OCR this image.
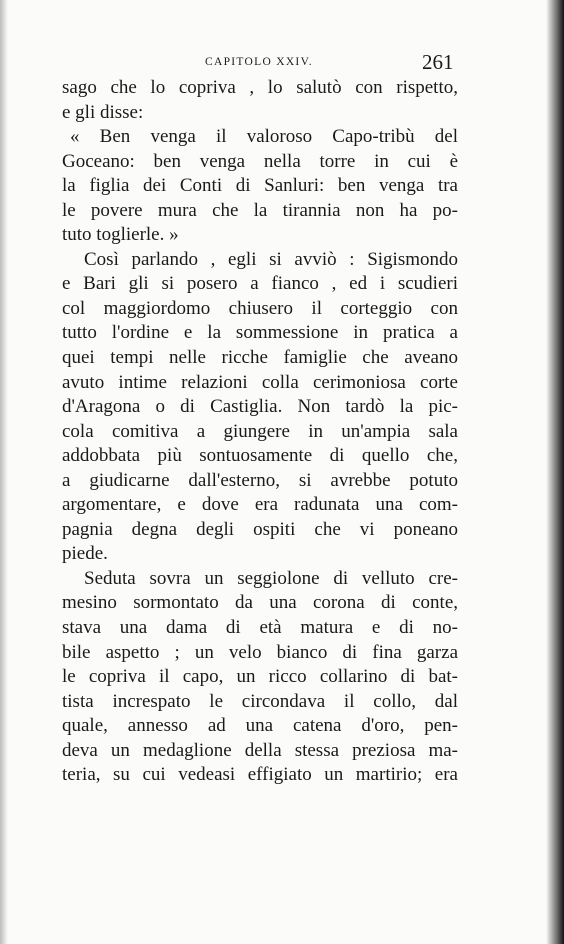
CAPITOLO XXIV.	261
sago che lo copriva , lo salutò con rispetto,
e gli disse:
« Ben venga il valoroso Capo-tribù del
Goceano: ben venga nella torre in cui è
la figlia dei Conti di Sanluri: ben venga tra
le povere mura che la tirannia non ha po-
tuto toglierle. »
Così parlando , egli si avviò : Sigismondo
e Bari gli si posero a fianco , ed i scudieri
col maggiordomo chiusero il corteggio con
tutto l'ordine e la sommessione in pratica a
quei tempi nelle ricche famiglie che aveano
avuto intime relazioni colla cerimoniosa corte
d'Aragona o di Castiglia. Non tardò la pic-
cola comitiva a giungere in un'ampia sala
addobbata più sontuosamente di quello che,
a giudicarne dall'esterno, si avrebbe potuto
argomentare, e dove era radunata una com-
pagnia degna degli ospiti che vi poneano
piede.
Seduta sovra un seggiolone di velluto cre-
mesino sormontato da una corona di conte,
stava una dama di età matura e di no-
bile aspetto ; un velo bianco di fina garza
le copriva il capo, un ricco collarino di bat-
tista increspato le circondava il collo, dal
quale, annesso ad una catena d'oro, pen-
deva un medaglione della stessa preziosa ma-
teria, su cui vedeasi effigiato un martirio; era
